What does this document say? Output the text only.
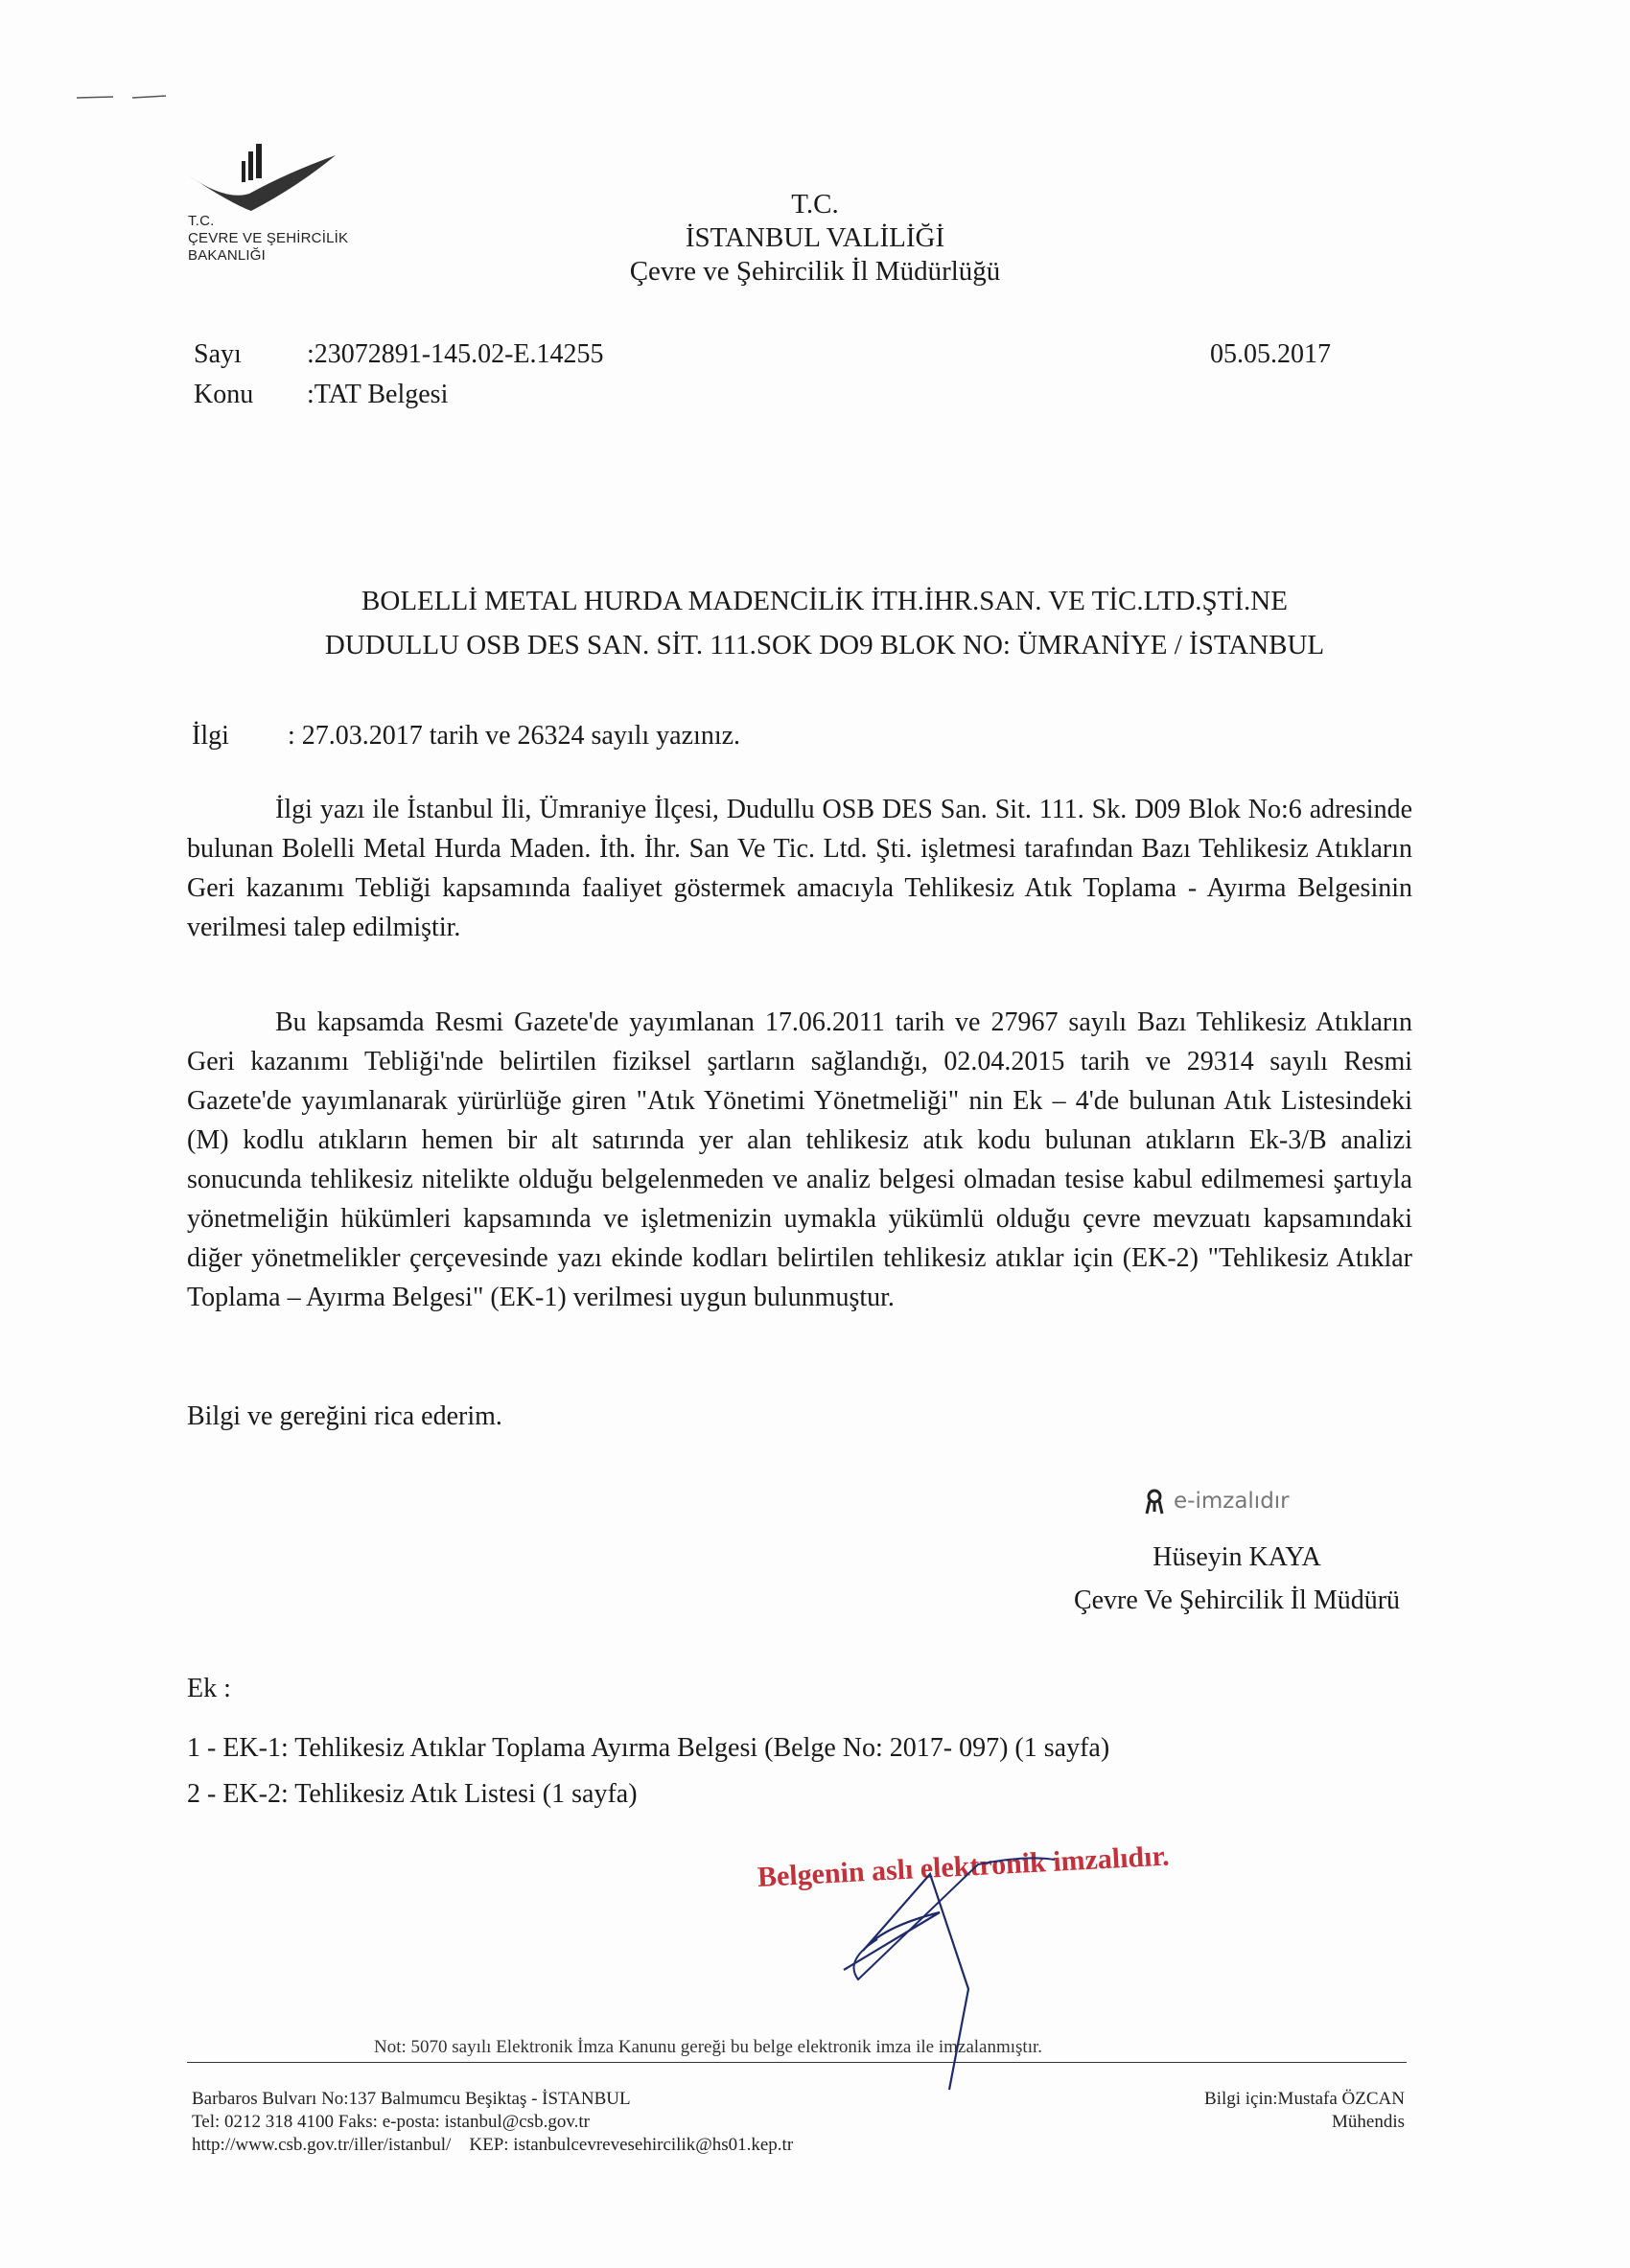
T.C.
ÇEVRE VE ŞEHİRCİLİK
BAKANLIĞI
T.C.
İSTANBUL VALİLİĞİ
Çevre ve Şehircilik İl Müdürlüğü
Sayı :23072891-145.02-E.14255
Konu :TAT Belgesi
05.05.2017
BOLELLİ METAL HURDA MADENCİLİK İTH.İHR.SAN. VE TİC.LTD.ŞTİ.NE
DUDULLU OSB DES SAN. SİT. 111.SOK DO9 BLOK NO: ÜMRANİYE / İSTANBUL
İlgi : 27.03.2017 tarih ve 26324 sayılı yazınız.
İlgi yazı ile İstanbul İli, Ümraniye İlçesi, Dudullu OSB DES San. Sit. 111. Sk. D09 Blok No:6 adresinde bulunan Bolelli Metal Hurda Maden. İth. İhr. San Ve Tic. Ltd. Şti. işletmesi tarafından Bazı Tehlikesiz Atıkların Geri kazanımı Tebliği kapsamında faaliyet göstermek amacıyla Tehlikesiz Atık Toplama - Ayırma Belgesinin verilmesi talep edilmiştir.
Bu kapsamda Resmi Gazete'de yayımlanan 17.06.2011 tarih ve 27967 sayılı Bazı Tehlikesiz Atıkların Geri kazanımı Tebliği'nde belirtilen fiziksel şartların sağlandığı, 02.04.2015 tarih ve 29314 sayılı Resmi Gazete'de yayımlanarak yürürlüğe giren "Atık Yönetimi Yönetmeliği" nin Ek – 4'de bulunan Atık Listesindeki (M) kodlu atıkların hemen bir alt satırında yer alan tehlikesiz atık kodu bulunan atıkların Ek-3/B analizi sonucunda tehlikesiz nitelikte olduğu belgelenmeden ve analiz belgesi olmadan tesise kabul edilmemesi şartıyla yönetmeliğin hükümleri kapsamında ve işletmenizin uymakla yükümlü olduğu çevre mevzuatı kapsamındaki diğer yönetmelikler çerçevesinde yazı ekinde kodları belirtilen tehlikesiz atıklar için (EK-2) "Tehlikesiz Atıklar Toplama – Ayırma Belgesi" (EK-1) verilmesi uygun bulunmuştur.
Bilgi ve gereğini rica ederim.
e-imzalıdır
Hüseyin KAYA
Çevre Ve Şehircilik İl Müdürü
Ek :
1 - EK-1: Tehlikesiz Atıklar Toplama Ayırma Belgesi (Belge No: 2017- 097) (1 sayfa)
2 - EK-2: Tehlikesiz Atık Listesi (1 sayfa)
Belgenin aslı elektronik imzalıdır.
Not: 5070 sayılı Elektronik İmza Kanunu gereği bu belge elektronik imza ile imzalanmıştır.
Barbaros Bulvarı No:137 Balmumcu Beşiktaş - İSTANBUL
Tel: 0212 318 4100 Faks: e-posta: istanbul@csb.gov.tr
http://www.csb.gov.tr/iller/istanbul/    KEP: istanbulcevrevesehircilik@hs01.kep.tr
Bilgi için:Mustafa ÖZCAN
Mühendis
